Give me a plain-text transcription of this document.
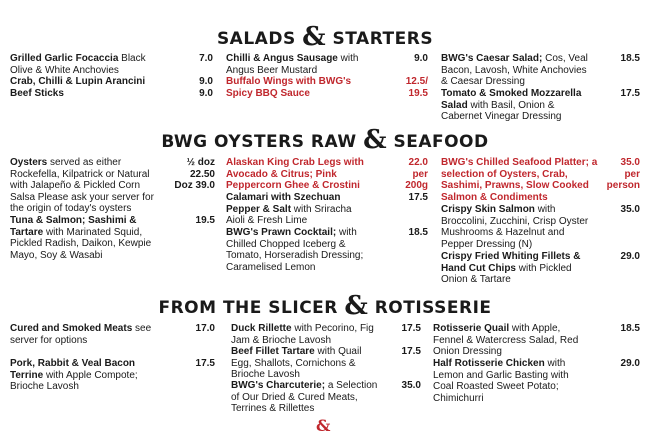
SALADS & STARTERS
BWG OYSTERS RAW & SEAFOOD
FROM THE SLICER & ROTISSERIE
Grilled Garlic Focaccia Black
Olive & White Anchovies
7.0
Crab, Chilli & Lupin Arancini	9.0
Beef Sticks	9.0
Chilli & Angus Sausage with
Angus Beer Mustard
9.0
Buffalo Wings with BWG's
Spicy BBQ Sauce
12.5/
19.5
BWG's Caesar Salad; Cos, Veal
Bacon, Lavosh, White Anchovies
& Caesar Dressing
18.5
Tomato & Smoked Mozzarella
Salad with Basil, Onion &
Cabernet Vinegar Dressing
17.5
Oysters served as either
Rockefella, Kilpatrick or Natural
with Jalapeño & Pickled Corn
Salsa Please ask your server for
the origin of today's oysters
½ doz
22.50
Doz 39.0
Tuna & Salmon; Sashimi &
Tartare with Marinated Squid,
Pickled Radish, Daikon, Kewpie
Mayo, Soy & Wasabi
19.5
Alaskan King Crab Legs with
Avocado & Citrus; Pink
Peppercorn Ghee & Crostini
22.0
per
200g
Calamari with Szechuan
Pepper & Salt with Sriracha
Aioli & Fresh Lime
17.5
BWG's Prawn Cocktail; with
Chilled Chopped Iceberg &
Tomato, Horseradish Dressing;
Caramelised Lemon
18.5
BWG's Chilled Seafood Platter; a
selection of Oysters, Crab,
Sashimi, Prawns, Slow Cooked
Salmon & Condiments
35.0
per
person
Crispy Skin Salmon with
Broccolini, Zucchini, Crisp Oyster
Mushrooms & Hazelnut and
Pepper Dressing (N)
35.0
Crispy Fried Whiting Fillets &
Hand Cut Chips with Pickled
Onion & Tartare
29.0
Cured and Smoked Meats see
server for options
17.0
Pork, Rabbit & Veal Bacon
Terrine with Apple Compote;
Brioche Lavosh
17.5
Duck Rillette with Pecorino, Fig
Jam & Brioche Lavosh
17.5
Beef Fillet Tartare with Quail
Egg, Shallots, Cornichons &
Brioche Lavosh
17.5
BWG's Charcuterie; a Selection
of Our Dried & Cured Meats,
Terrines & Rillettes
35.0
Rotisserie Quail with Apple,
Fennel & Watercress Salad, Red
Onion Dressing
18.5
Half Rotisserie Chicken with
Lemon and Garlic Basting with
Coal Roasted Sweet Potato;
Chimichurri
29.0
&
